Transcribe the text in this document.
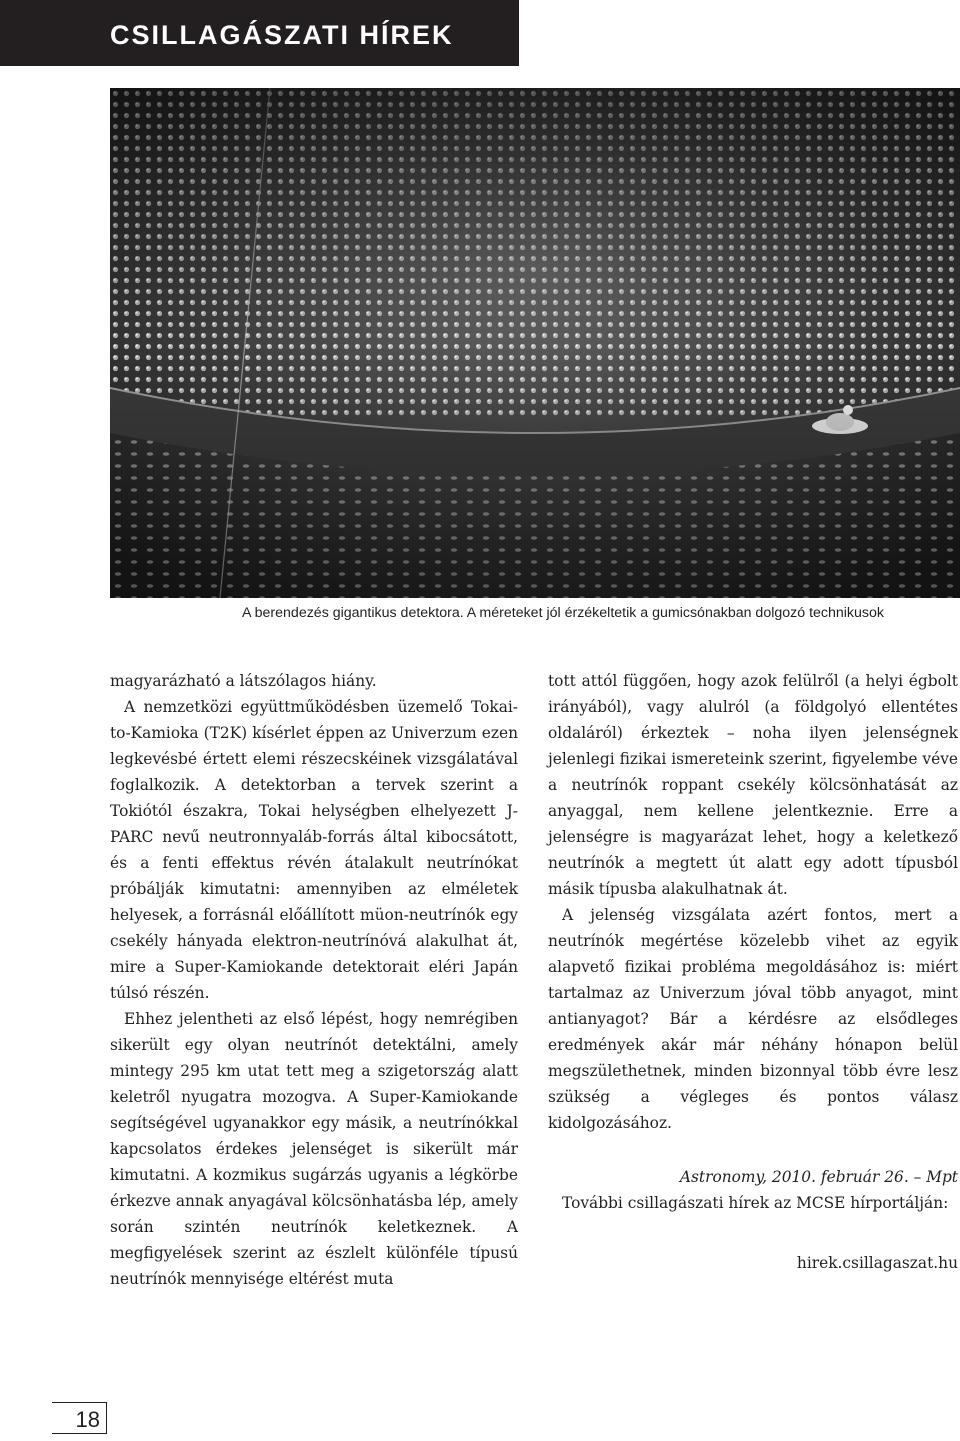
CSILLAGÁSZATI HÍREK
A berendezés gigantikus detektora. A méreteket jól érzékeltetik a gumicsónakban dolgozó technikusok

magyarázható a látszólagos hiány.

A nemzetközi együttműködésben üzemelő Tokai-to-Kamioka (T2K) kísérlet éppen az Univerzum ezen legkevésbé értett elemi részecskéinek vizsgálatával foglalkozik. A detektorban a tervek szerint a Tokiótól északra, Tokai helységben elhelyezett J-PARC nevű neutronnyaláb-forrás által kibocsátott, és a fenti effektus révén átalakult neutrínókat próbálják kimutatni: amennyiben az elméletek helyesek, a forrásnál előállított müon-neutrínók egy csekély hányada elektron-neutrínóvá alakulhat át, mire a Super-Kamiokande detektorait eléri Japán túlsó részén.

Ehhez jelentheti az első lépést, hogy nemrégiben sikerült egy olyan neutrínót detektálni, amely mintegy 295 km utat tett meg a szigetország alatt keletről nyugatra mozogva. A Super-Kamiokande segítségével ugyanakkor egy másik, a neutrínókkal kapcsolatos érdekes jelenséget is sikerült már kimutatni. A kozmikus sugárzás ugyanis a légkörbe érkezve annak anyagával kölcsönhatásba lép, amely során szintén neutrínók keletkeznek. A megfigyelések szerint az észlelt különféle típusú neutrínók mennyisége eltérést muta

tott attól függően, hogy azok felülről (a helyi égbolt irányából), vagy alulról (a földgolyó ellentétes oldaláról) érkeztek – noha ilyen jelenségnek jelenlegi fizikai ismereteink szerint, figyelembe véve a neutrínók roppant csekély kölcsönhatását az anyaggal, nem kellene jelentkeznie. Erre a jelenségre is magyarázat lehet, hogy a keletkező neutrínók a megtett út alatt egy adott típusból másik típusba alakulhatnak át.

A jelenség vizsgálata azért fontos, mert a neutrínók megértése közelebb vihet az egyik alapvető fizikai probléma megoldásához is: miért tartalmaz az Univerzum jóval több anyagot, mint antianyagot? Bár a kérdésre az elsődleges eredmények akár már néhány hónapon belül megszülethetnek, minden bizonnyal több évre lesz szükség a végleges és pontos válasz kidolgozásához.

Astronomy, 2010. február 26. – Mpt

További csillagászati hírek az MCSE hírportálján:

hirek.csillagaszat.hu
18
